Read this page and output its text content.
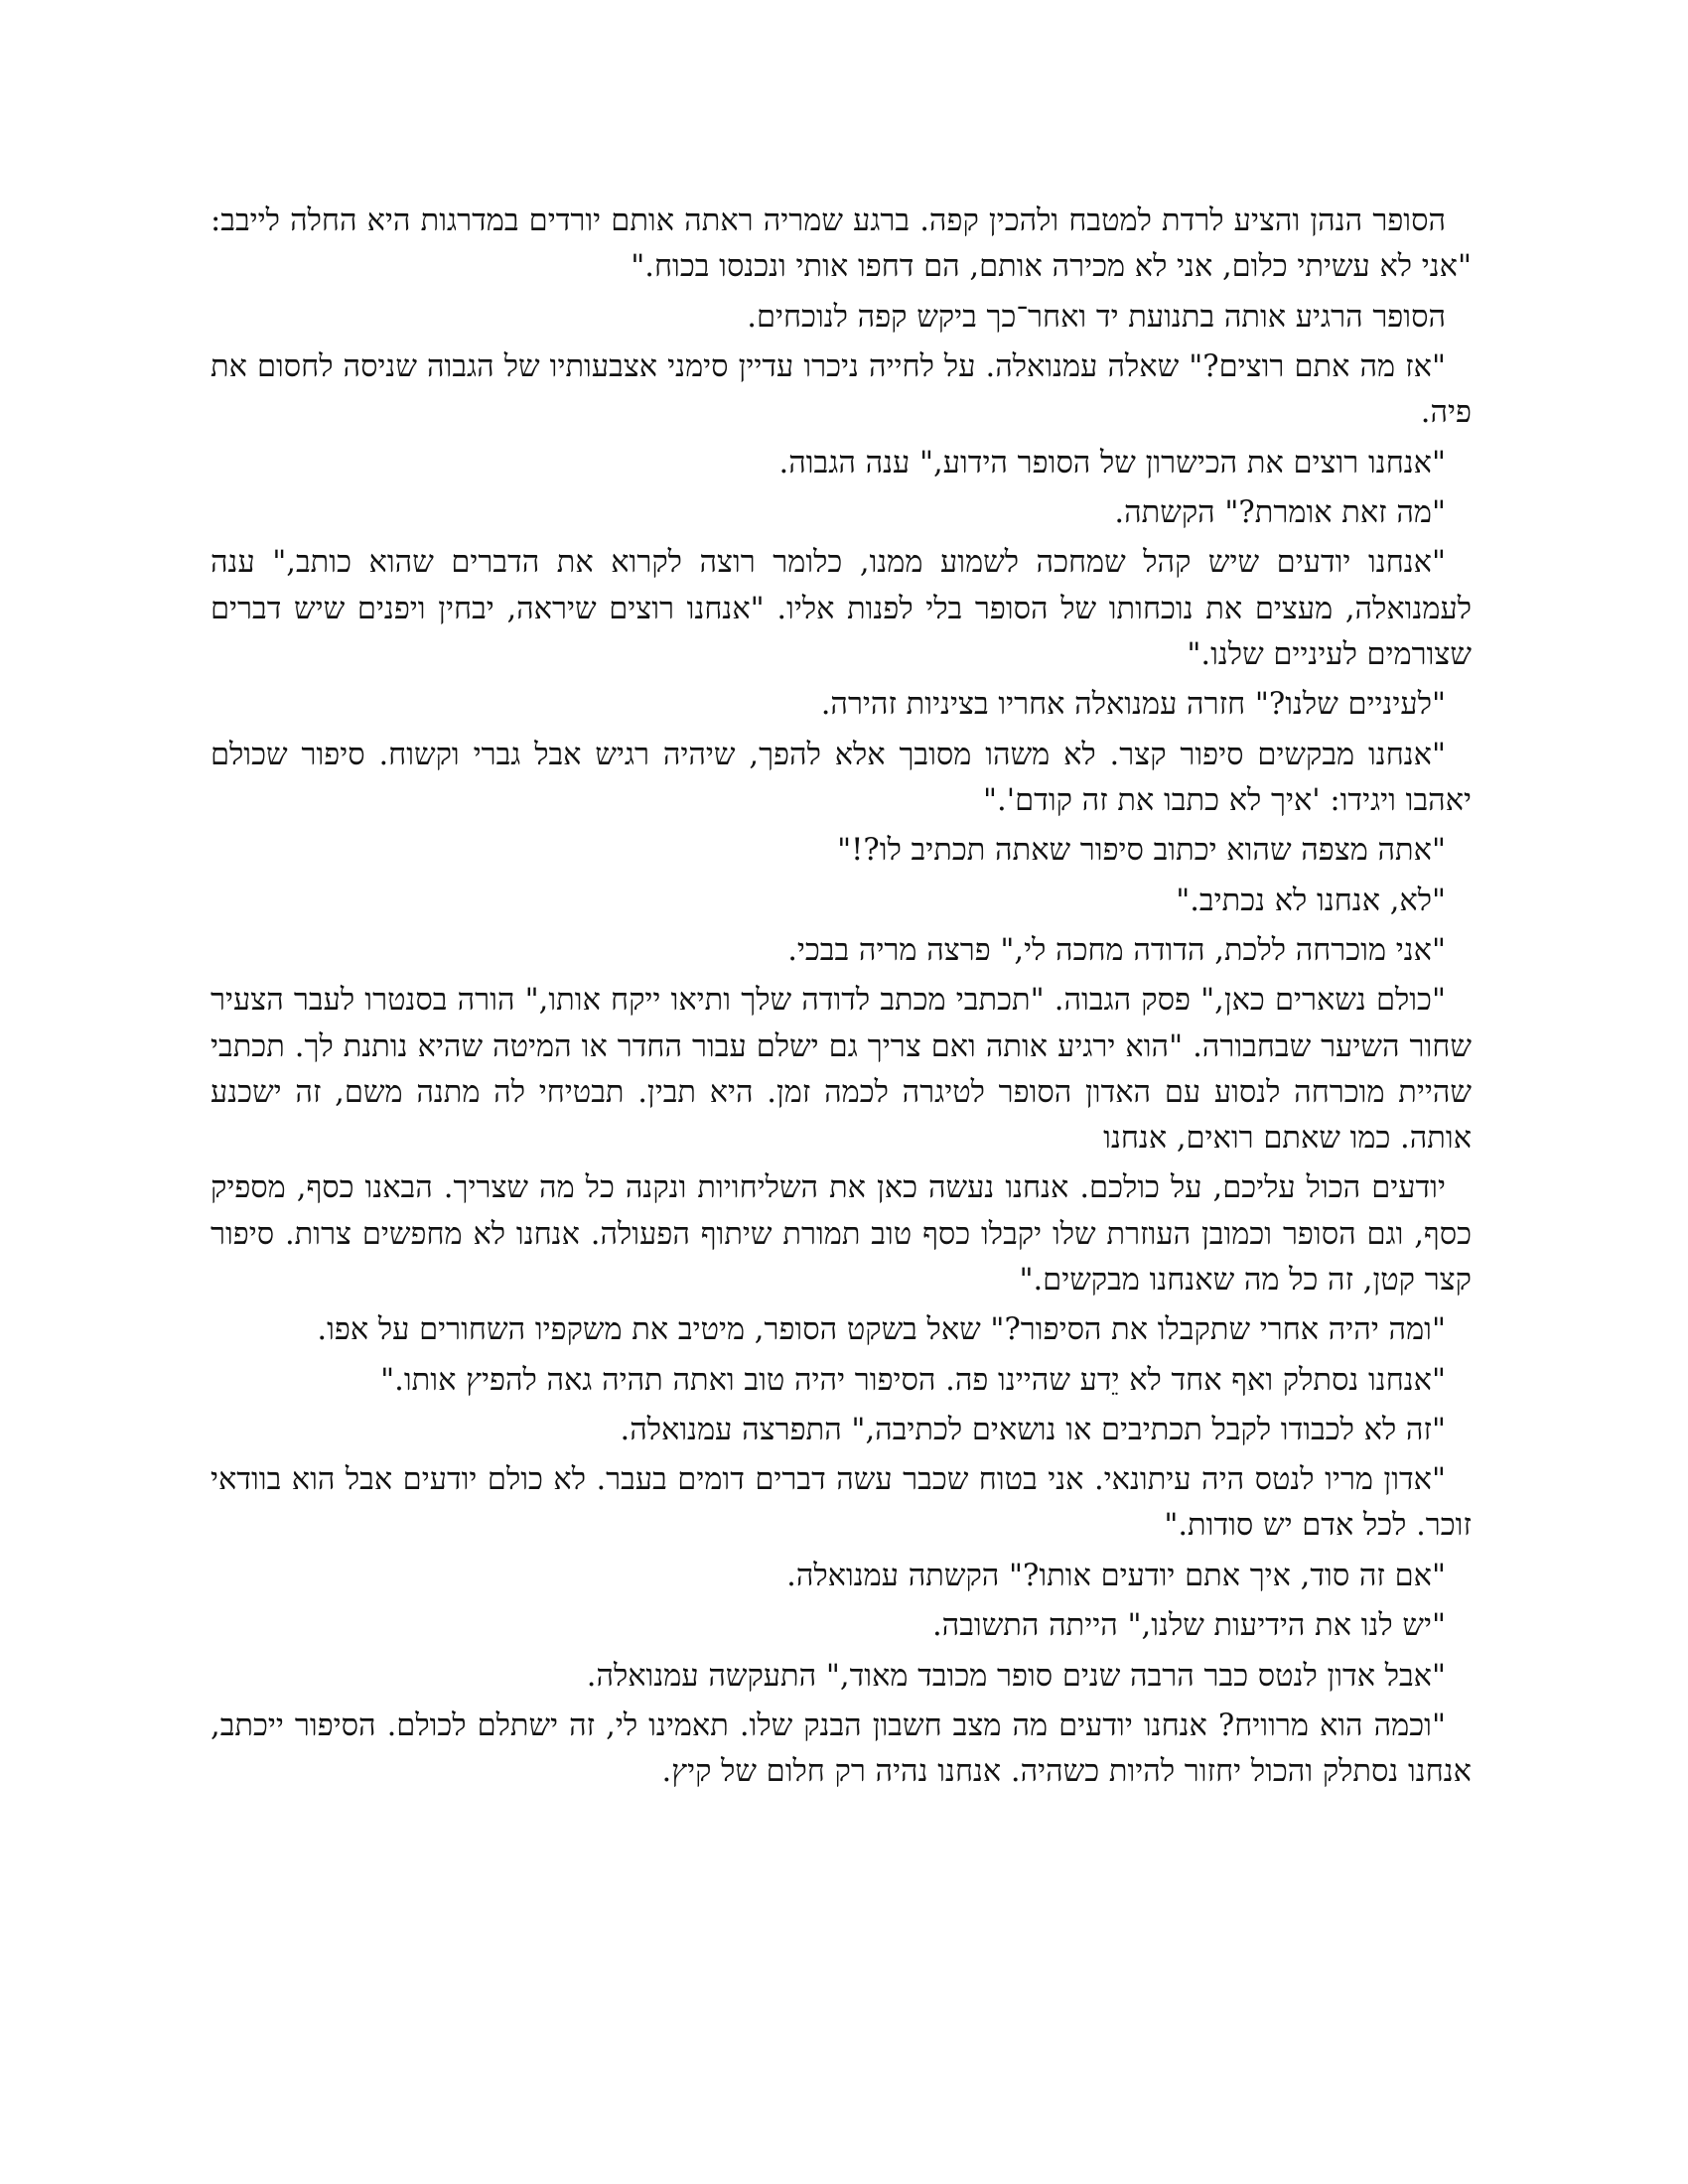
הסופר הנהן והציע לרדת למטבח ולהכין קפה. ברגע שמריה ראתה אותם יורדים במדרגות היא החלה לייבב: "אני לא עשיתי כלום, אני לא מכירה אותם, הם דחפו אותי ונכנסו בכוח."

הסופר הרגיע אותה בתנועת יד ואחר־כך ביקש קפה לנוכחים.

"אז מה אתם רוצים?" שאלה עמנואלה. על לחייה ניכרו עדיין סימני אצבעותיו של הגבוה שניסה לחסום את פיה.

"אנחנו רוצים את הכישרון של הסופר הידוע," ענה הגבוה.

"מה זאת אומרת?" הקשתה.

"אנחנו יודעים שיש קהל שמחכה לשמוע ממנו, כלומר רוצה לקרוא את הדברים שהוא כותב," ענה לעמנואלה, מעצים את נוכחותו של הסופר בלי לפנות אליו. "אנחנו רוצים שיראה, יבחין ויפנים שיש דברים שצורמים לעיניים שלנו."

"לעיניים שלנו?" חזרה עמנואלה אחריו בציניות זהירה.

"אנחנו מבקשים סיפור קצר. לא משהו מסובך אלא להפך, שיהיה רגיש אבל גברי וקשוח. סיפור שכולם יאהבו ויגידו: 'איך לא כתבו את זה קודם'."

"אתה מצפה שהוא יכתוב סיפור שאתה תכתיב לו?!"

"לא, אנחנו לא נכתיב."

"אני מוכרחה ללכת, הדודה מחכה לי," פרצה מריה בבכי.

"כולם נשארים כאן," פסק הגבוה. "תכתבי מכתב לדודה שלך ותיאו ייקח אותו," הורה בסנטרו לעבר הצעיר שחור השיער שבחבורה. "הוא ירגיע אותה ואם צריך גם ישלם עבור החדר או המיטה שהיא נותנת לך. תכתבי שהיית מוכרחה לנסוע עם האדון הסופר לטיגרה לכמה זמן. היא תבין. תבטיחי לה מתנה משם, זה ישכנע אותה. כמו שאתם רואים, אנחנו

יודעים הכול עליכם, על כולכם. אנחנו נעשה כאן את השליחויות ונקנה כל מה שצריך. הבאנו כסף, מספיק כסף, וגם הסופר וכמובן העוזרת שלו יקבלו כסף טוב תמורת שיתוף הפעולה. אנחנו לא מחפשים צרות. סיפור קצר קטן, זה כל מה שאנחנו מבקשים."

"ומה יהיה אחרי שתקבלו את הסיפור?" שאל בשקט הסופר, מיטיב את משקפיו השחורים על אפו.

"אנחנו נסתלק ואף אחד לא יֵדע שהיינו פה. הסיפור יהיה טוב ואתה תהיה גאה להפיץ אותו."

"זה לא לכבודו לקבל תכתיבים או נושאים לכתיבה," התפרצה עמנואלה.

"אדון מריו לנטס היה עיתונאי. אני בטוח שכבר עשה דברים דומים בעבר. לא כולם יודעים אבל הוא בוודאי זוכר. לכל אדם יש סודות."

"אם זה סוד, איך אתם יודעים אותו?" הקשתה עמנואלה.

"יש לנו את הידיעות שלנו," הייתה התשובה.

"אבל אדון לנטס כבר הרבה שנים סופר מכובד מאוד," התעקשה עמנואלה.

"וכמה הוא מרוויח? אנחנו יודעים מה מצב חשבון הבנק שלו. תאמינו לי, זה ישתלם לכולם. הסיפור ייכתב, אנחנו נסתלק והכול יחזור להיות כשהיה. אנחנו נהיה רק חלום של קיץ.
